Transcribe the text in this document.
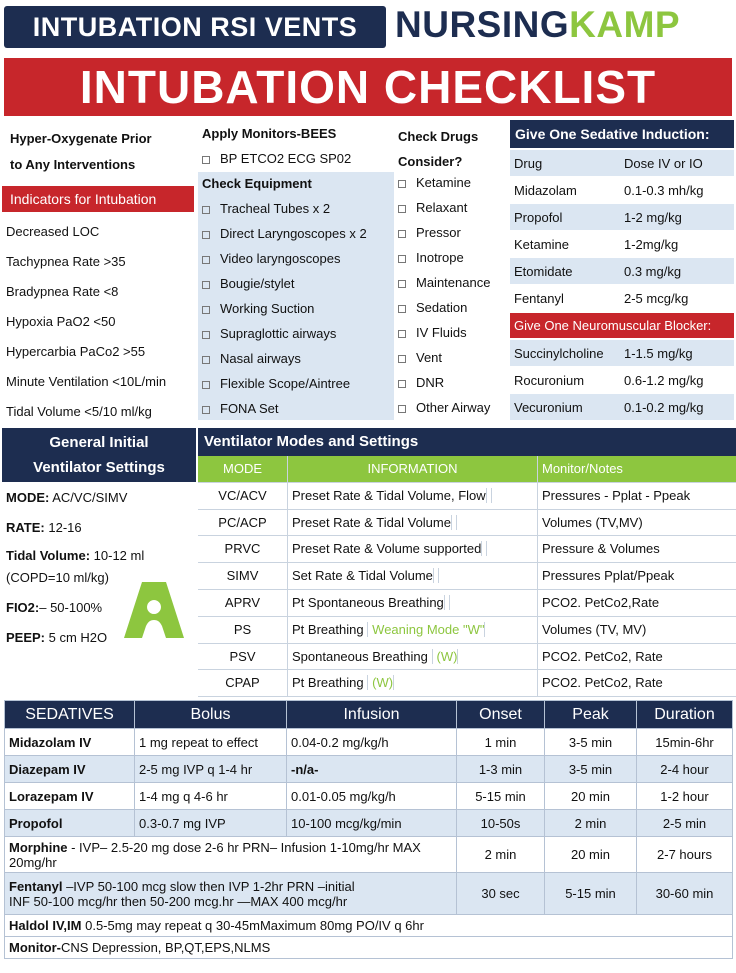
INTUBATION RSI VENTS	NURSINGKAMP
INTUBATION CHECKLIST
Hyper-Oxygenate Prior
to Any Interventions
Indicators for Intubation
Decreased LOC
Tachypnea Rate >35
Bradypnea Rate <8
Hypoxia PaO2 <50
Hypercarbia PaCo2 >55
Minute Ventilation <10L/min
Tidal Volume <5/10 ml/kg
Apply Monitors-BEES
BP ETCO2 ECG SP02
Check Equipment
Tracheal Tubes x 2
Direct Laryngoscopes x 2
Video laryngoscopes
Bougie/stylet
Working Suction
Supraglottic airways
Nasal airways
Flexible Scope/Aintree
FONA Set
Check Drugs
Consider?
Ketamine
Relaxant
Pressor
Inotrope
Maintenance
Sedation
IV Fluids
Vent
DNR
Other Airway
Give One Sedative Induction:
Drug	Dose IV or IO
Midazolam	0.1-0.3 mh/kg
Propofol	1-2 mg/kg
Ketamine	1-2mg/kg
Etomidate	0.3 mg/kg
Fentanyl	2-5 mcg/kg
Give One Neuromuscular Blocker:
Succinylcholine	1-1.5 mg/kg
Rocuronium	0.6-1.2 mg/kg
Vecuronium	0.1-0.2 mg/kg
General Initial
Ventilator Settings
MODE: AC/VC/SIMV
RATE: 12-16
Tidal Volume: 10-12 ml
(COPD=10 ml/kg)
FIO2:– 50-100%
PEEP: 5 cm H2O
Ventilator Modes and Settings
MODE	INFORMATION	Monitor/Notes
VC/ACV	Preset Rate & Tidal Volume, Flow	Pressures - Pplat - Ppeak
PC/ACP	Preset Rate & Tidal Volume	Volumes (TV,MV)
PRVC	Preset Rate & Volume supported	Pressure & Volumes
SIMV	Set Rate & Tidal Volume	Pressures Pplat/Ppeak
APRV	Pt Spontaneous Breathing	PCO2. PetCo2,Rate
PS	Pt Breathing Weaning Mode "W"	Volumes (TV, MV)
PSV	Spontaneous Breathing (W)	PCO2. PetCo2, Rate
CPAP	Pt Breathing (W)	PCO2. PetCo2, Rate
SEDATIVES	Bolus	Infusion	Onset	Peak	Duration
Midazolam IV	1 mg repeat to effect	0.04-0.2 mg/kg/h	1 min	3-5 min	15min-6hr
Diazepam IV	2-5 mg IVP q 1-4 hr	-n/a-	1-3 min	3-5 min	2-4 hour
Lorazepam IV	1-4 mg q 4-6 hr	0.01-0.05 mg/kg/h	5-15 min	20 min	1-2 hour
Propofol	0.3-0.7 mg IVP	10-100 mcg/kg/min	10-50s	2 min	2-5 min
Morphine - IVP– 2.5-20 mg dose 2-6 hr PRN– Infusion 1-10mg/hr MAX 20mg/hr			2 min	20 min	2-7 hours

Fentanyl –IVP 50-100 mcg slow then IVP 1-2hr PRN –initial
INF 50-100 mcg/hr then 50-200 mcg.hr —MAX 400 mcg/hr			30 sec	5-15 min	30-60 min
Haldol IV,IM 0.5-5mg may repeat q 30-45mMaximum 80mg PO/IV q 6hr					
Monitor-CNS Depression, BP,QT,EPS,NLMS					
